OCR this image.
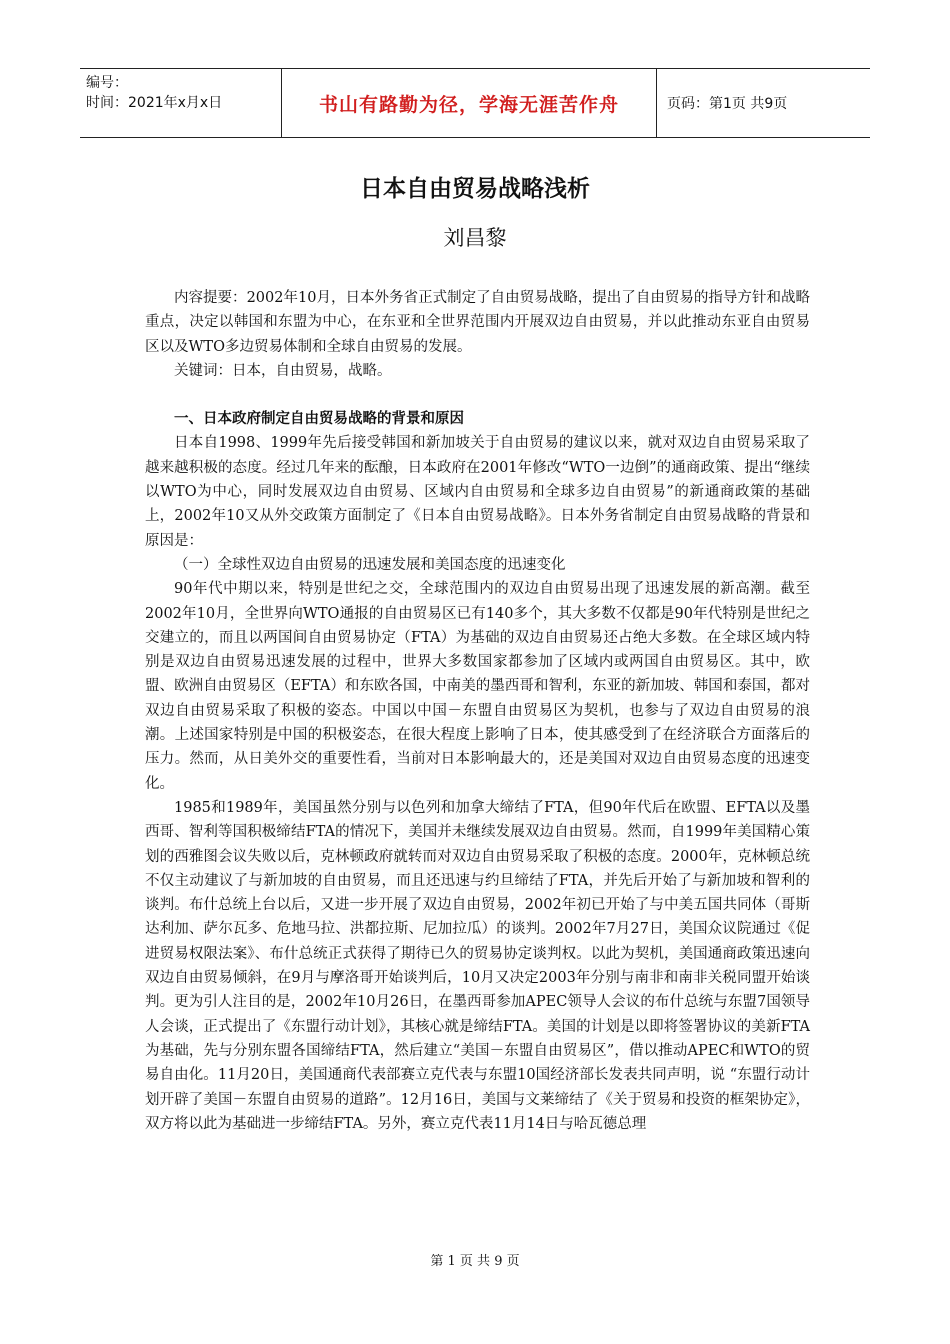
编号：
时间：2021年x月x日	书山有路勤为径，学海无涯苦作舟	页码：第1页 共9页
日本自由贸易战略浅析
刘昌黎

内容提要：2002年10月，日本外务省正式制定了自由贸易战略，提出了自由贸易的指导方针和战略重点，决定以韩国和东盟为中心，在东亚和全世界范围内开展双边自由贸易，并以此推动东亚自由贸易区以及WTO多边贸易体制和全球自由贸易的发展。

关键词：日本，自由贸易，战略。

一、日本政府制定自由贸易战略的背景和原因

日本自1998、1999年先后接受韩国和新加坡关于自由贸易的建议以来，就对双边自由贸易采取了越来越积极的态度。经过几年来的酝酿，日本政府在2001年修改“WTO一边倒”的通商政策、提出“继续以WTO为中心，同时发展双边自由贸易、区域内自由贸易和全球多边自由贸易”的新通商政策的基础上，2002年10又从外交政策方面制定了《日本自由贸易战略》。日本外务省制定自由贸易战略的背景和原因是：

（一）全球性双边自由贸易的迅速发展和美国态度的迅速变化

90年代中期以来，特别是世纪之交，全球范围内的双边自由贸易出现了迅速发展的新高潮。截至2002年10月，全世界向WTO通报的自由贸易区已有140多个，其大多数不仅都是90年代特别是世纪之交建立的，而且以两国间自由贸易协定（FTA）为基础的双边自由贸易还占绝大多数。在全球区域内特别是双边自由贸易迅速发展的过程中，世界大多数国家都参加了区域内或两国自由贸易区。其中，欧盟、欧洲自由贸易区（EFTA）和东欧各国，中南美的墨西哥和智利，东亚的新加坡、韩国和泰国，都对双边自由贸易采取了积极的姿态。中国以中国－东盟自由贸易区为契机，也参与了双边自由贸易的浪潮。上述国家特别是中国的积极姿态，在很大程度上影响了日本，使其感受到了在经济联合方面落后的压力。然而，从日美外交的重要性看，当前对日本影响最大的，还是美国对双边自由贸易态度的迅速变化。

1985和1989年，美国虽然分别与以色列和加拿大缔结了FTA，但90年代后在欧盟、EFTA以及墨西哥、智利等国积极缔结FTA的情况下，美国并未继续发展双边自由贸易。然而，自1999年美国精心策划的西雅图会议失败以后，克林顿政府就转而对双边自由贸易采取了积极的态度。2000年，克林顿总统不仅主动建议了与新加坡的自由贸易，而且还迅速与约旦缔结了FTA，并先后开始了与新加坡和智利的谈判。布什总统上台以后，又进一步开展了双边自由贸易，2002年初已开始了与中美五国共同体（哥斯达利加、萨尔瓦多、危地马拉、洪都拉斯、尼加拉瓜）的谈判。2002年7月27日，美国众议院通过《促进贸易权限法案》、布什总统正式获得了期待已久的贸易协定谈判权。以此为契机，美国通商政策迅速向双边自由贸易倾斜，在9月与摩洛哥开始谈判后，10月又决定2003年分别与南非和南非关税同盟开始谈判。更为引人注目的是，2002年10月26日，在墨西哥参加APEC领导人会议的布什总统与东盟7国领导人会谈，正式提出了《东盟行动计划》，其核心就是缔结FTA。美国的计划是以即将签署协议的美新FTA为基础，先与分别东盟各国缔结FTA，然后建立“美国－东盟自由贸易区”，借以推动APEC和WTO的贸易自由化。11月20日，美国通商代表部赛立克代表与东盟10国经济部长发表共同声明，说 “东盟行动计划开辟了美国－东盟自由贸易的道路”。12月16日，美国与文莱缔结了《关于贸易和投资的框架协定》，双方将以此为基础进一步缔结FTA。另外，赛立克代表11月14日与哈瓦德总理

第 1 页 共 9 页
